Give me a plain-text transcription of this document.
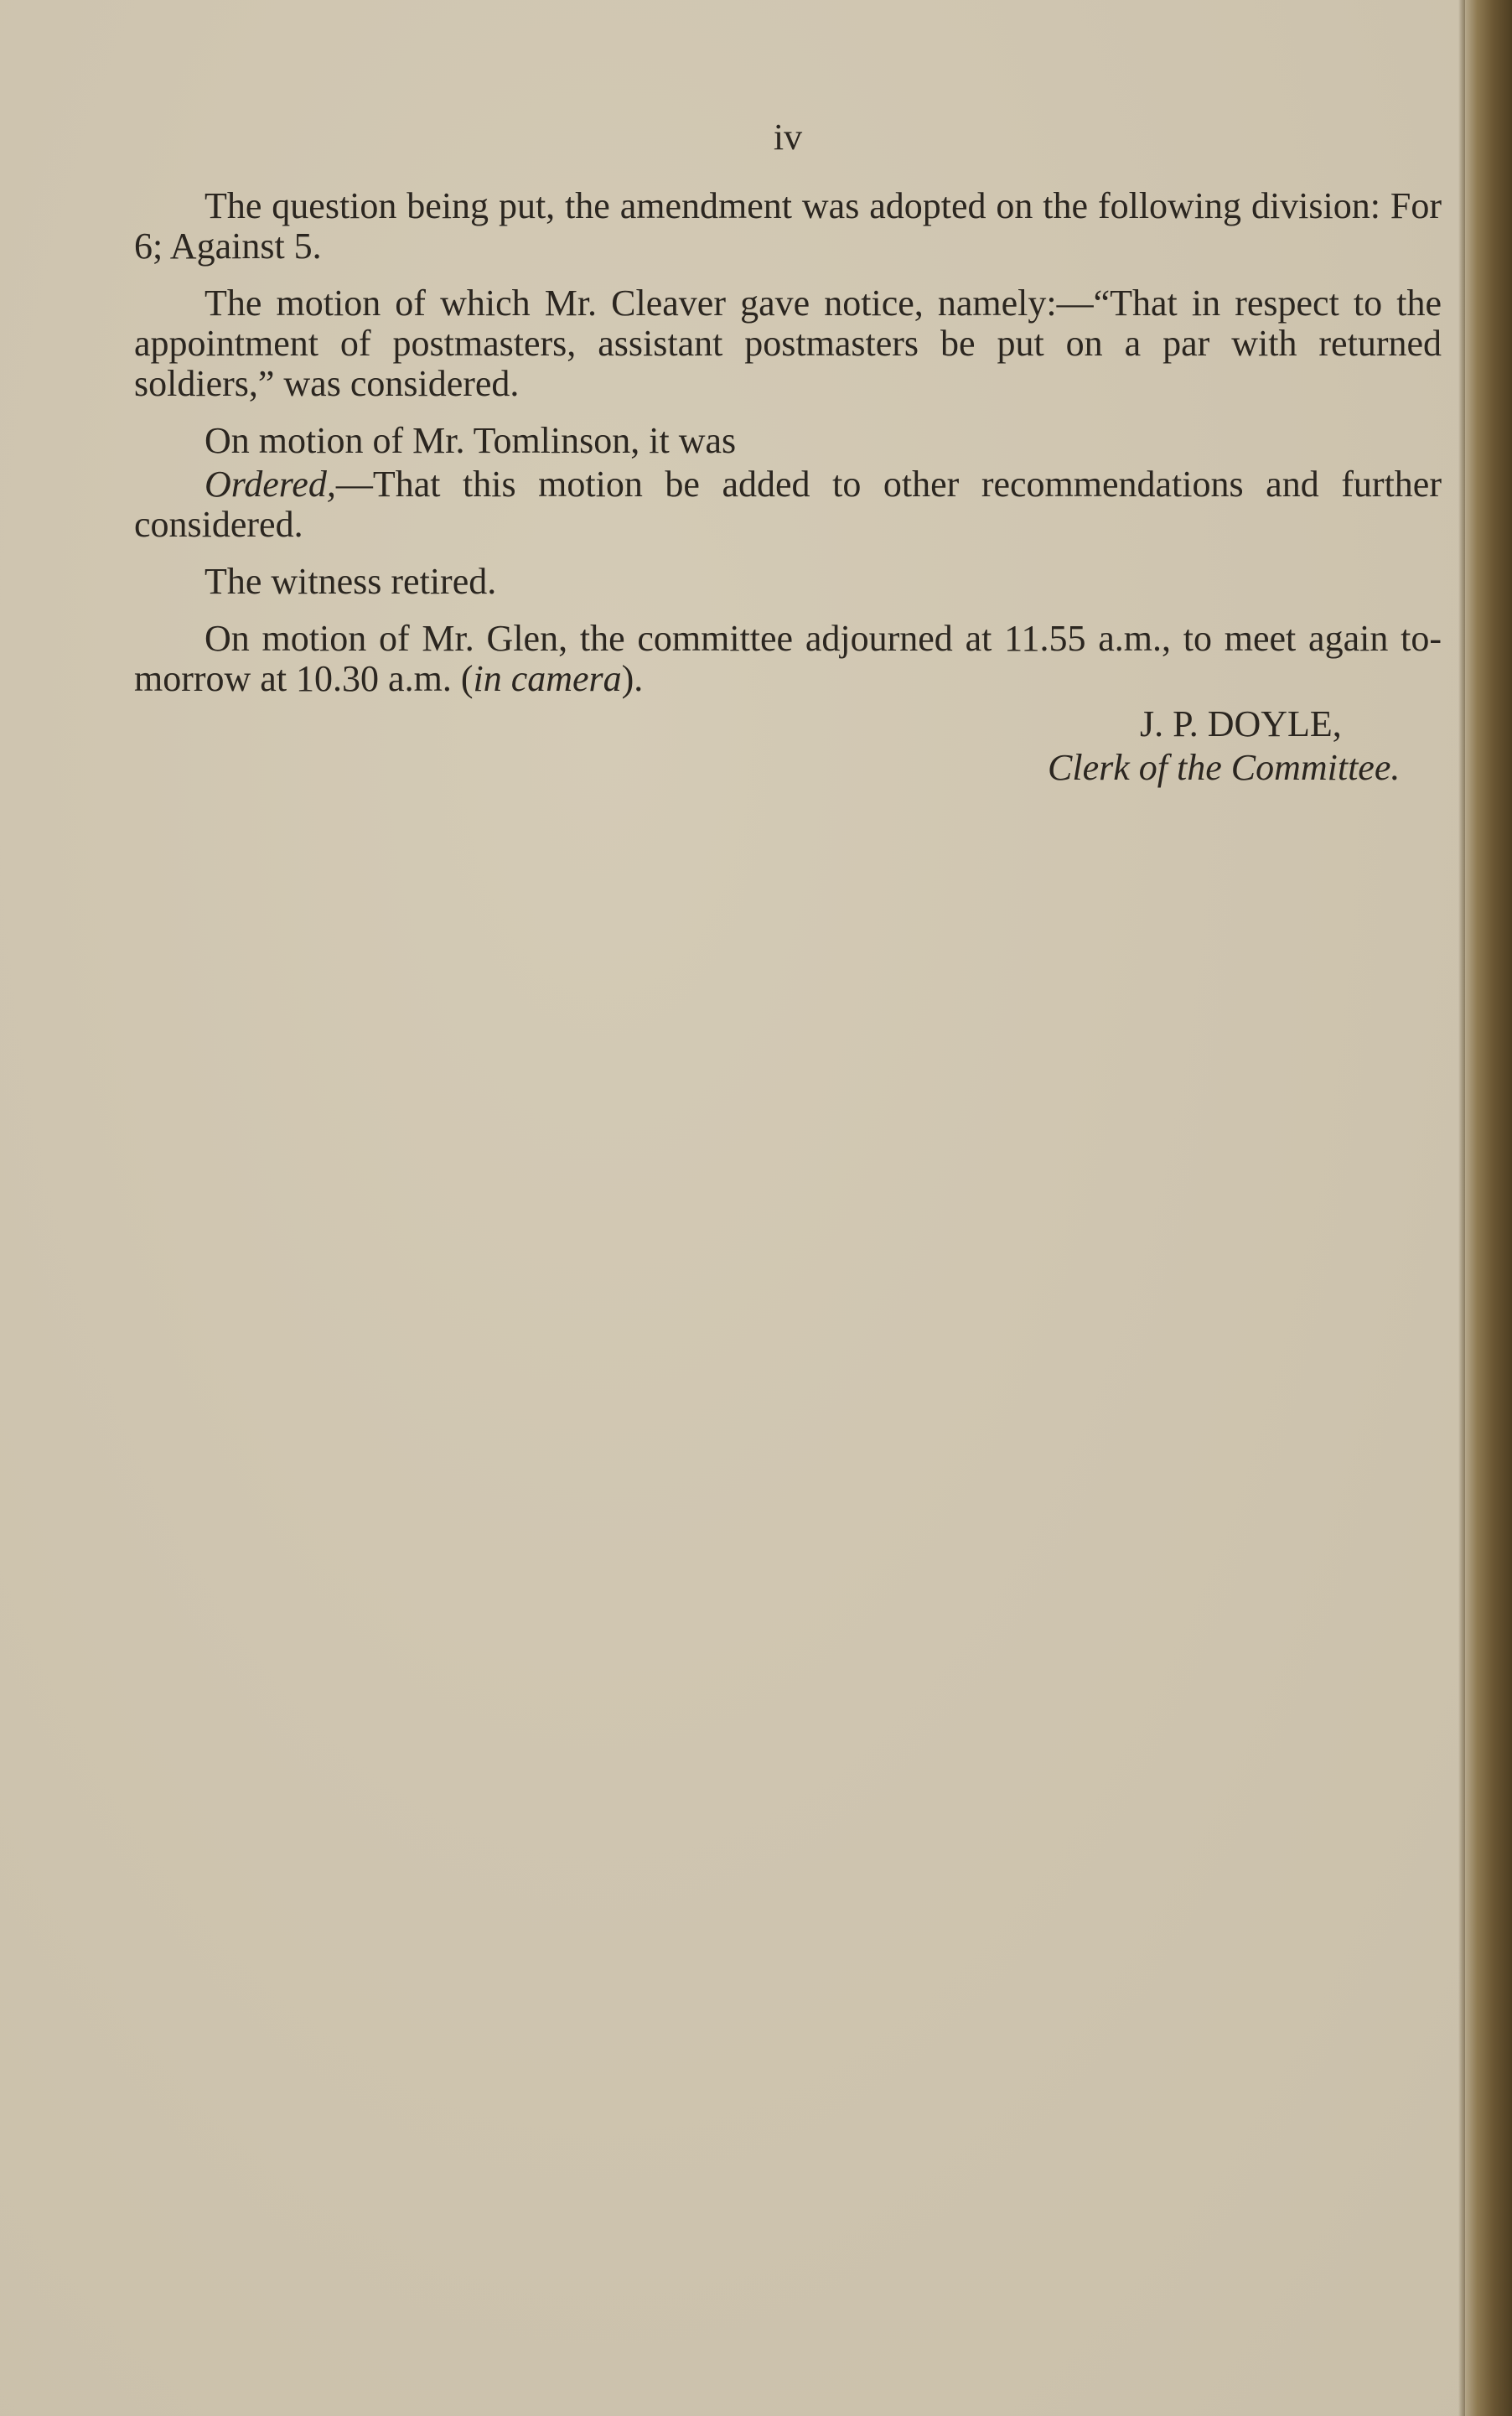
iv

The question being put, the amendment was adopted on the following division: For 6; Against 5.

The motion of which Mr. Cleaver gave notice, namely:—“That in respect to the appointment of postmasters, assistant postmasters be put on a par with returned soldiers,” was considered.

On motion of Mr. Tomlinson, it was

Ordered,—That this motion be added to other recommendations and further considered.

The witness retired.

On motion of Mr. Glen, the committee adjourned at 11.55 a.m., to meet again to-morrow at 10.30 a.m. (in camera).

J. P. DOYLE,
Clerk of the Committee.
